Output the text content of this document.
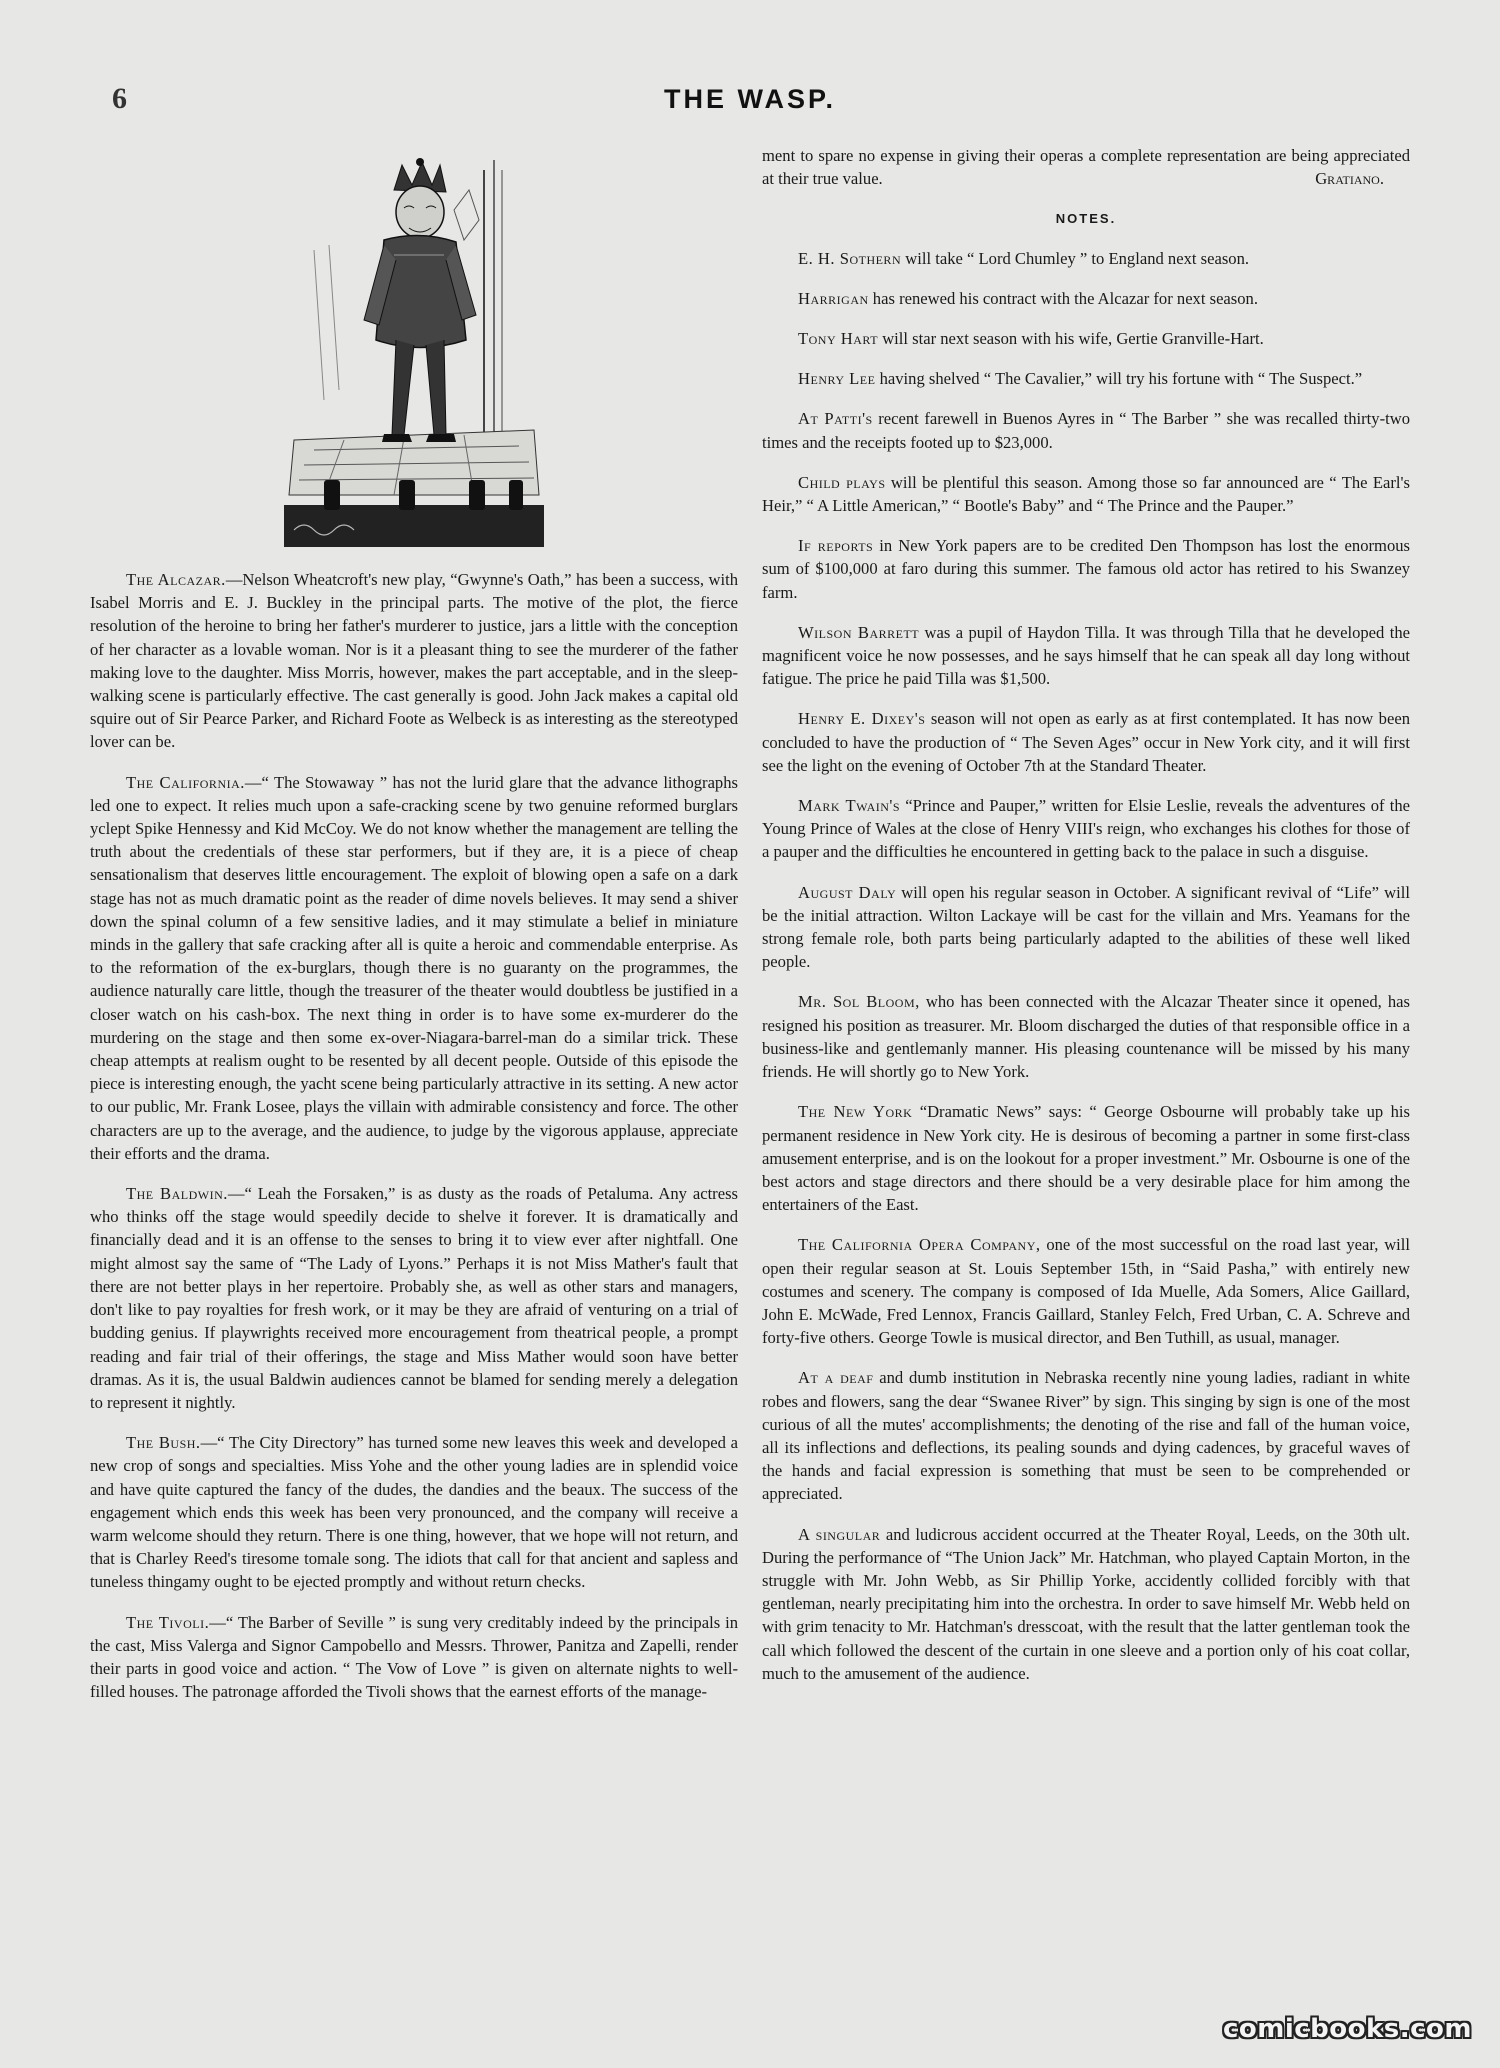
6	THE WASP.

The Alcazar.—Nelson Wheatcroft's new play, “Gwynne's Oath,” has been a success, with Isabel Morris and E. J. Buckley in the principal parts. The motive of the plot, the fierce resolution of the heroine to bring her father's murderer to justice, jars a little with the conception of her character as a lovable woman. Nor is it a pleasant thing to see the murderer of the father making love to the daughter. Miss Morris, however, makes the part acceptable, and in the sleep-walking scene is particularly effective. The cast generally is good. John Jack makes a capital old squire out of Sir Pearce Parker, and Richard Foote as Welbeck is as interesting as the stereotyped lover can be.

The California.—“ The Stowaway ” has not the lurid glare that the advance lithographs led one to expect. It relies much upon a safe-cracking scene by two genuine reformed burglars yclept Spike Hennessy and Kid McCoy. We do not know whether the management are telling the truth about the credentials of these star performers, but if they are, it is a piece of cheap sensationalism that deserves little encouragement. The exploit of blowing open a safe on a dark stage has not as much dramatic point as the reader of dime novels believes. It may send a shiver down the spinal column of a few sensitive ladies, and it may stimulate a belief in miniature minds in the gallery that safe cracking after all is quite a heroic and commendable enterprise. As to the reformation of the ex-burglars, though there is no guaranty on the programmes, the audience naturally care little, though the treasurer of the theater would doubtless be justified in a closer watch on his cash-box. The next thing in order is to have some ex-murderer do the murdering on the stage and then some ex-over-Niagara-barrel-man do a similar trick. These cheap attempts at realism ought to be resented by all decent people. Outside of this episode the piece is interesting enough, the yacht scene being particularly attractive in its setting. A new actor to our public, Mr. Frank Losee, plays the villain with admirable consistency and force. The other characters are up to the average, and the audience, to judge by the vigorous applause, appreciate their efforts and the drama.

The Baldwin.—“ Leah the Forsaken,” is as dusty as the roads of Petaluma. Any actress who thinks off the stage would speedily decide to shelve it forever. It is dramatically and financially dead and it is an offense to the senses to bring it to view ever after nightfall. One might almost say the same of “The Lady of Lyons.” Perhaps it is not Miss Mather's fault that there are not better plays in her repertoire. Probably she, as well as other stars and managers, don't like to pay royalties for fresh work, or it may be they are afraid of venturing on a trial of budding genius. If playwrights received more encouragement from theatrical people, a prompt reading and fair trial of their offerings, the stage and Miss Mather would soon have better dramas. As it is, the usual Baldwin audiences cannot be blamed for sending merely a delegation to represent it nightly.

The Bush.—“ The City Directory” has turned some new leaves this week and developed a new crop of songs and specialties. Miss Yohe and the other young ladies are in splendid voice and have quite captured the fancy of the dudes, the dandies and the beaux. The success of the engagement which ends this week has been very pronounced, and the company will receive a warm welcome should they return. There is one thing, however, that we hope will not return, and that is Charley Reed's tiresome tomale song. The idiots that call for that ancient and sapless and tuneless thingamy ought to be ejected promptly and without return checks.

The Tivoli.—“ The Barber of Seville ” is sung very creditably indeed by the principals in the cast, Miss Valerga and Signor Campobello and Messrs. Thrower, Panitza and Zapelli, render their parts in good voice and action. “ The Vow of Love ” is given on alternate nights to well-filled houses. The patronage afforded the Tivoli shows that the earnest efforts of the manage-

ment to spare no expense in giving their operas a complete representation are being appreciated at their true value.	Gratiano.

NOTES.

E. H. Sothern will take “ Lord Chumley ” to England next season.

Harrigan has renewed his contract with the Alcazar for next season.

Tony Hart will star next season with his wife, Gertie Granville-Hart.

Henry Lee having shelved “ The Cavalier,” will try his fortune with “ The Suspect.”

At Patti's recent farewell in Buenos Ayres in “ The Barber ” she was recalled thirty-two times and the receipts footed up to $23,000.

Child plays will be plentiful this season. Among those so far announced are “ The Earl's Heir,” “ A Little American,” “ Bootle's Baby” and “ The Prince and the Pauper.”

If reports in New York papers are to be credited Den Thompson has lost the enormous sum of $100,000 at faro during this summer. The famous old actor has retired to his Swanzey farm.

Wilson Barrett was a pupil of Haydon Tilla. It was through Tilla that he developed the magnificent voice he now possesses, and he says himself that he can speak all day long without fatigue. The price he paid Tilla was $1,500.

Henry E. Dixey's season will not open as early as at first contemplated. It has now been concluded to have the production of “ The Seven Ages” occur in New York city, and it will first see the light on the evening of October 7th at the Standard Theater.

Mark Twain's “Prince and Pauper,” written for Elsie Leslie, reveals the adventures of the Young Prince of Wales at the close of Henry VIII's reign, who exchanges his clothes for those of a pauper and the difficulties he encountered in getting back to the palace in such a disguise.

August Daly will open his regular season in October. A significant revival of “Life” will be the initial attraction. Wilton Lackaye will be cast for the villain and Mrs. Yeamans for the strong female role, both parts being particularly adapted to the abilities of these well liked people.

Mr. Sol Bloom, who has been connected with the Alcazar Theater since it opened, has resigned his position as treasurer. Mr. Bloom discharged the duties of that responsible office in a business-like and gentlemanly manner. His pleasing countenance will be missed by his many friends. He will shortly go to New York.

The New York “Dramatic News” says: “ George Osbourne will probably take up his permanent residence in New York city. He is desirous of becoming a partner in some first-class amusement enterprise, and is on the lookout for a proper investment.” Mr. Osbourne is one of the best actors and stage directors and there should be a very desirable place for him among the entertainers of the East.

The California Opera Company, one of the most successful on the road last year, will open their regular season at St. Louis September 15th, in “Said Pasha,” with entirely new costumes and scenery. The company is composed of Ida Muelle, Ada Somers, Alice Gaillard, John E. McWade, Fred Lennox, Francis Gaillard, Stanley Felch, Fred Urban, C. A. Schreve and forty-five others. George Towle is musical director, and Ben Tuthill, as usual, manager.

At a deaf and dumb institution in Nebraska recently nine young ladies, radiant in white robes and flowers, sang the dear “Swanee River” by sign. This singing by sign is one of the most curious of all the mutes' accomplishments; the denoting of the rise and fall of the human voice, all its inflections and deflections, its pealing sounds and dying cadences, by graceful waves of the hands and facial expression is something that must be seen to be comprehended or appreciated.

A singular and ludicrous accident occurred at the Theater Royal, Leeds, on the 30th ult. During the performance of “The Union Jack” Mr. Hatchman, who played Captain Morton, in the struggle with Mr. John Webb, as Sir Phillip Yorke, accidently collided forcibly with that gentleman, nearly precipitating him into the orchestra. In order to save himself Mr. Webb held on with grim tenacity to Mr. Hatchman's dresscoat, with the result that the latter gentleman took the call which followed the descent of the curtain in one sleeve and a portion only of his coat collar, much to the amusement of the audience.

comicbooks.com
